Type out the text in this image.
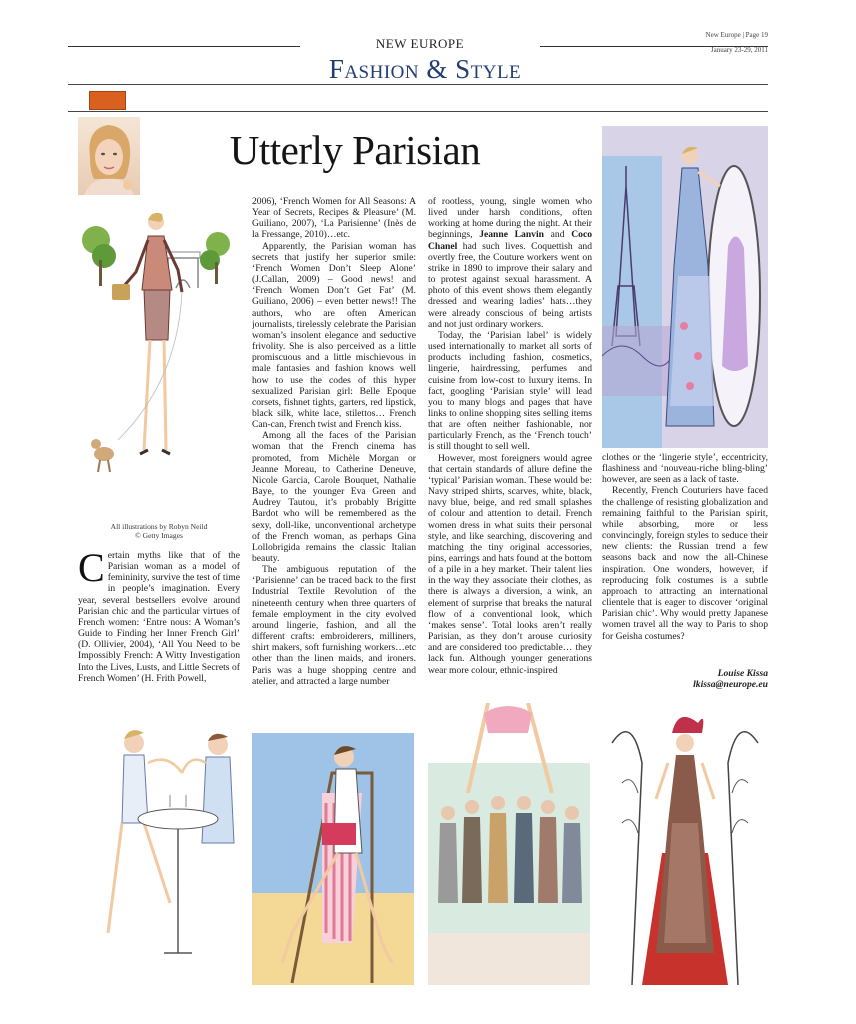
NEW EUROPE
Fashion & Style
New Europe | Page 19
January 23-29, 2011
Utterly Parisian
All illustrations by Robyn Neild
© Getty Images

Certain myths like that of the Parisian woman as a model of femininity, survive the test of time in people’s imagination. Every year, several bestsellers evolve around Parisian chic and the particular virtues of French women: ‘Entre nous: A Woman’s Guide to Finding her Inner French Girl’ (D. Ollivier, 2004), ‘All You Need to be Impossibly French: A Witty Investigation Into the Lives, Lusts, and Little Secrets of French Women’ (H. Frith Powell,

2006), ‘French Women for All Seasons: A Year of Secrets, Recipes & Pleasure’ (M. Guiliano, 2007), ‘La Parisienne’ (Inès de la Fressange, 2010)…etc.

Apparently, the Parisian woman has secrets that justify her superior smile: ‘French Women Don’t Sleep Alone’ (J.Callan, 2009) – Good news! and ‘French Women Don’t Get Fat’ (M. Guiliano, 2006) – even better news!! The authors, who are often American journalists, tirelessly celebrate the Parisian woman’s insolent elegance and seductive frivolity. She is also perceived as a little promiscuous and a little mischievous in male fantasies and fashion knows well how to use the codes of this hyper sexualized Parisian girl: Belle Epoque corsets, fishnet tights, garters, red lipstick, black silk, white lace, stilettos… French Can-can, French twist and French kiss.

Among all the faces of the Parisian woman that the French cinema has promoted, from Michèle Morgan or Jeanne Moreau, to Catherine Deneuve, Nicole Garcia, Carole Bouquet, Nathalie Baye, to the younger Eva Green and Audrey Tautou, it’s probably Brigitte Bardot who will be remembered as the sexy, doll-like, unconventional archetype of the French woman, as perhaps Gina Lollobrigida remains the classic Italian beauty.

The ambiguous reputation of the ‘Parisienne’ can be traced back to the first Industrial Textile Revolution of the nineteenth century when three quarters of female employment in the city evolved around lingerie, fashion, and all the different crafts: embroiderers, milliners, shirt makers, soft furnishing workers…etc other than the linen maids, and ironers. Paris was a huge shopping centre and atelier, and attracted a large number

of rootless, young, single women who lived under harsh conditions, often working at home during the night. At their beginnings, Jeanne Lanvin and Coco Chanel had such lives. Coquettish and overtly free, the Couture workers went on strike in 1890 to improve their salary and to protest against sexual harassment. A photo of this event shows them elegantly dressed and wearing ladies’ hats…they were already conscious of being artists and not just ordinary workers.

Today, the ‘Parisian label’ is widely used internationally to market all sorts of products including fashion, cosmetics, lingerie, hairdressing, perfumes and cuisine from low-cost to luxury items. In fact, googling ‘Parisian style’ will lead you to many blogs and pages that have links to online shopping sites selling items that are often neither fashionable, nor particularly French, as the ‘French touch’ is still thought to sell well.

However, most foreigners would agree that certain standards of allure define the ‘typical’ Parisian woman. These would be: Navy striped shirts, scarves, white, black, navy blue, beige, and red small splashes of colour and attention to detail. French women dress in what suits their personal style, and like searching, discovering and matching the tiny original accessories, pins, earrings and hats found at the bottom of a pile in a hey market. Their talent lies in the way they associate their clothes, as there is always a diversion, a wink, an element of surprise that breaks the natural flow of a conventional look, which ‘makes sense’. Total looks aren’t really Parisian, as they don’t arouse curiosity and are considered too predictable… they lack fun. Although younger generations wear more colour, ethnic-inspired

clothes or the ‘lingerie style’, eccentricity, flashiness and ‘nouveau-riche bling-bling’ however, are seen as a lack of taste.

Recently, French Couturiers have faced the challenge of resisting globalization and remaining faithful to the Parisian spirit, while absorbing, more or less convincingly, foreign styles to seduce their new clients: the Russian trend a few seasons back and now the all-Chinese inspiration. One wonders, however, if reproducing folk costumes is a subtle approach to attracting an international clientele that is eager to discover ‘original Parisian chic’. Why would pretty Japanese women travel all the way to Paris to shop for Geisha costumes?

Louise Kissa
lkissa@neurope.eu
